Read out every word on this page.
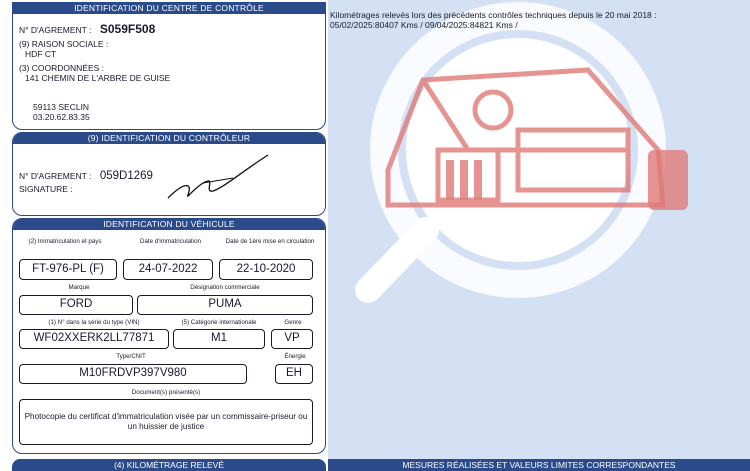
Kilométrages relevés lors des précédents contrôles techniques depuis le 20 mai 2018 :
05/02/2025:80407 Kms / 09/04/2025:84821 Kms /
IDENTIFICATION DU CENTRE DE CONTRÔLE
N° D'AGREMENT : S059F508
(9) RAISON SOCIALE :
HDF CT
(3) COORDONNÉES :
141 CHEMIN DE L'ARBRE DE GUISE
59113 SECLIN
03.20.62.83.35
(9) IDENTIFICATION DU CONTRÔLEUR
N° D'AGREMENT : 059D1269
SIGNATURE :
IDENTIFICATION DU VÉHICULE
(2) Immatriculation et pays	Date d'immatriculation	Date de 1ère mise en circulation
FT-976-PL (F)	24-07-2022	22-10-2020
Marque	Désignation commerciale
FORD	PUMA
(1) N° dans la série du type (VIN)	(5) Catégorie internationale	Genre
WF02XXERK2LL77871	M1	VP
Type/CNIT	Énergie
M10FRDVP397V980	EH
Document(s) présenté(s)
Photocopie du certificat d'immatriculation visée par un commissaire-priseur ou un huissier de justice
(4) KILOMÉTRAGE RELEVÉ	MESURES RÉALISÉES ET VALEURS LIMITES CORRESPONDANTES
